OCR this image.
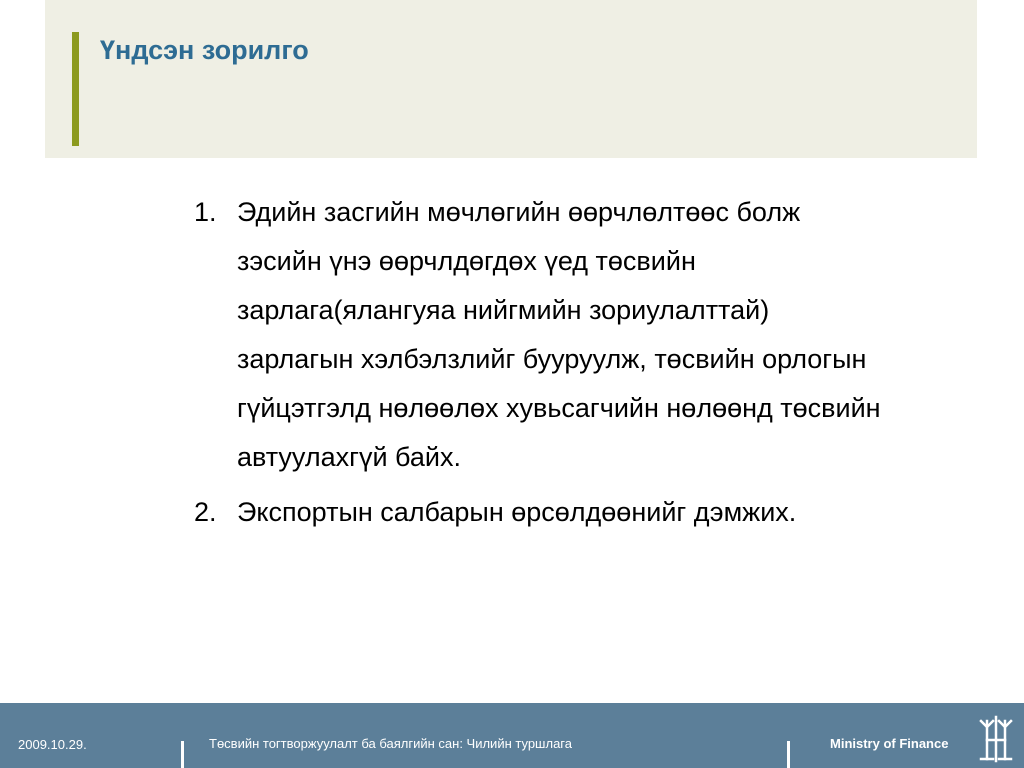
Үндсэн зорилго
1. Эдийн засгийн мөчлөгийн өөрчлөлтөөс болж зэсийн үнэ өөрчлдөгдөх үед төсвийн зарлага(ялангуяа нийгмийн зориулалттай) зарлагын хэлбэлзлийг бууруулж, төсвийн орлогын гүйцэтгэлд нөлөөлөх хувьсагчийн нөлөөнд төсвийн автуулахгүй байх.
2. Экспортын салбарын өрсөлдөөнийг дэмжих.
2009.10.29.	Төсвийн тогтворжуулалт ба баялгийн сан: Чилийн туршлага	Ministry of Finance
